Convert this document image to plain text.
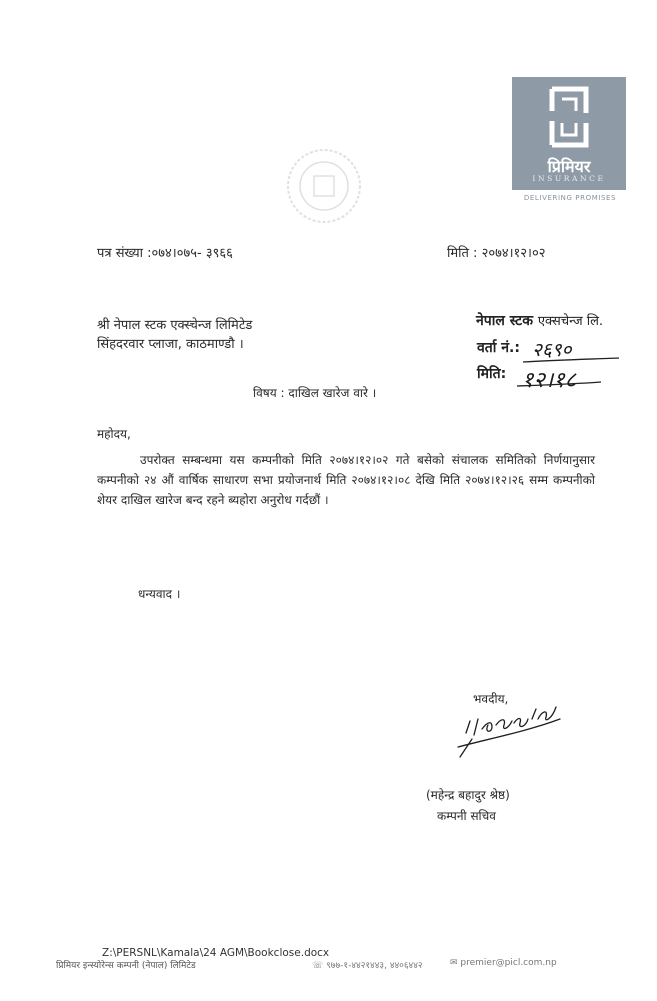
प्रिमियर
INSURANCE
DELIVERING PROMISES
पत्र संख्या :०७४।०७५- ३९६६	मिति : २०७४।१२।०२
श्री नेपाल स्टक एक्स्चेन्ज लिमिटेड
सिंहदरवार प्लाजा, काठमाण्डौ ।
नेपाल स्टक एक्सचेन्ज लि.
वर्ता नं.: २६९०
मिति: १२।१८
विषय : दाखिल खारेज वारे ।
महोदय,
उपरोक्त सम्बन्धमा यस कम्पनीको मिति २०७४।१२।०२ गते बसेको संचालक समितिको निर्णयानुसार कम्पनीको २४ औं वार्षिक साधारण सभा प्रयोजनार्थ मिति २०७४।१२।०८ देखि मिति २०७४।१२।२६ सम्म कम्पनीको शेयर दाखिल खारेज बन्द रहने ब्यहोरा अनुरोध गर्दछौं ।
धन्यवाद ।
भवदीय,
(महेन्द्र बहादुर श्रेष्ठ)
कम्पनी सचिव
Z:\PERSNL\Kamala\24 AGM\Bookclose.docx
प्रिमियर इन्स्योरेन्स कम्पनी (नेपाल) लिमिटेड	☏ ९७७-१-४४२१४४३, ४४०६४४२	✉ premier@picl.com.np
